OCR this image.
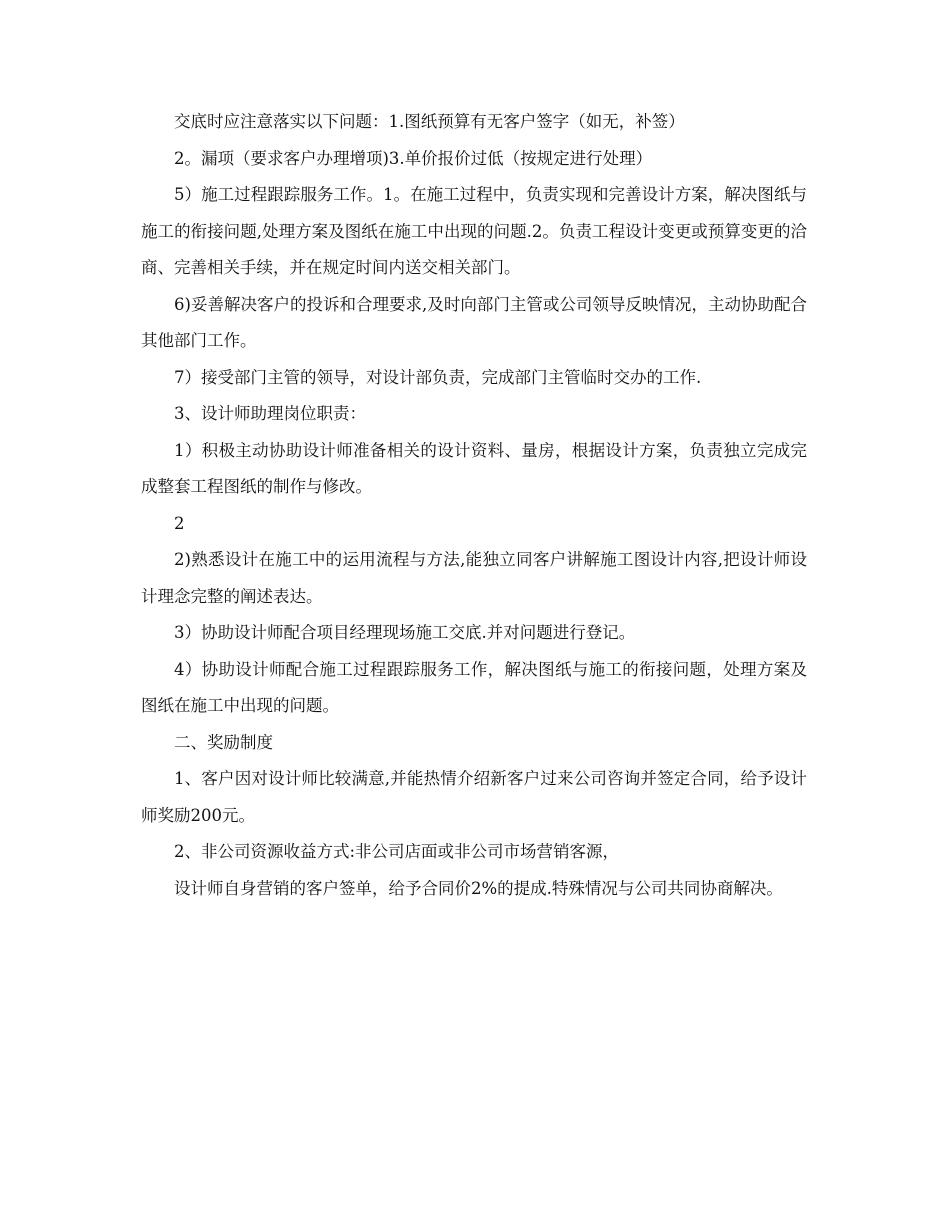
交底时应注意落实以下问题：1.图纸预算有无客户签字（如无，补签）

2。漏项（要求客户办理增项)3.单价报价过低（按规定进行处理）

5）施工过程跟踪服务工作。1。在施工过程中，负责实现和完善设计方案，解决图纸与施工的衔接问题,处理方案及图纸在施工中出现的问题.2。负责工程设计变更或预算变更的洽商、完善相关手续，并在规定时间内送交相关部门。

6)妥善解决客户的投诉和合理要求,及时向部门主管或公司领导反映情况，主动协助配合其他部门工作。

7）接受部门主管的领导，对设计部负责，完成部门主管临时交办的工作.

3、设计师助理岗位职责：

1）积极主动协助设计师准备相关的设计资料、量房，根据设计方案，负责独立完成完成整套工程图纸的制作与修改。

2

2)熟悉设计在施工中的运用流程与方法,能独立同客户讲解施工图设计内容,把设计师设计理念完整的阐述表达。

3）协助设计师配合项目经理现场施工交底.并对问题进行登记。

4）协助设计师配合施工过程跟踪服务工作，解决图纸与施工的衔接问题，处理方案及图纸在施工中出现的问题。

二、奖励制度

1、客户因对设计师比较满意,并能热情介绍新客户过来公司咨询并签定合同，给予设计师奖励200元。

2、非公司资源收益方式:非公司店面或非公司市场营销客源，

设计师自身营销的客户签单，给予合同价2%的提成.特殊情况与公司共同协商解决。
